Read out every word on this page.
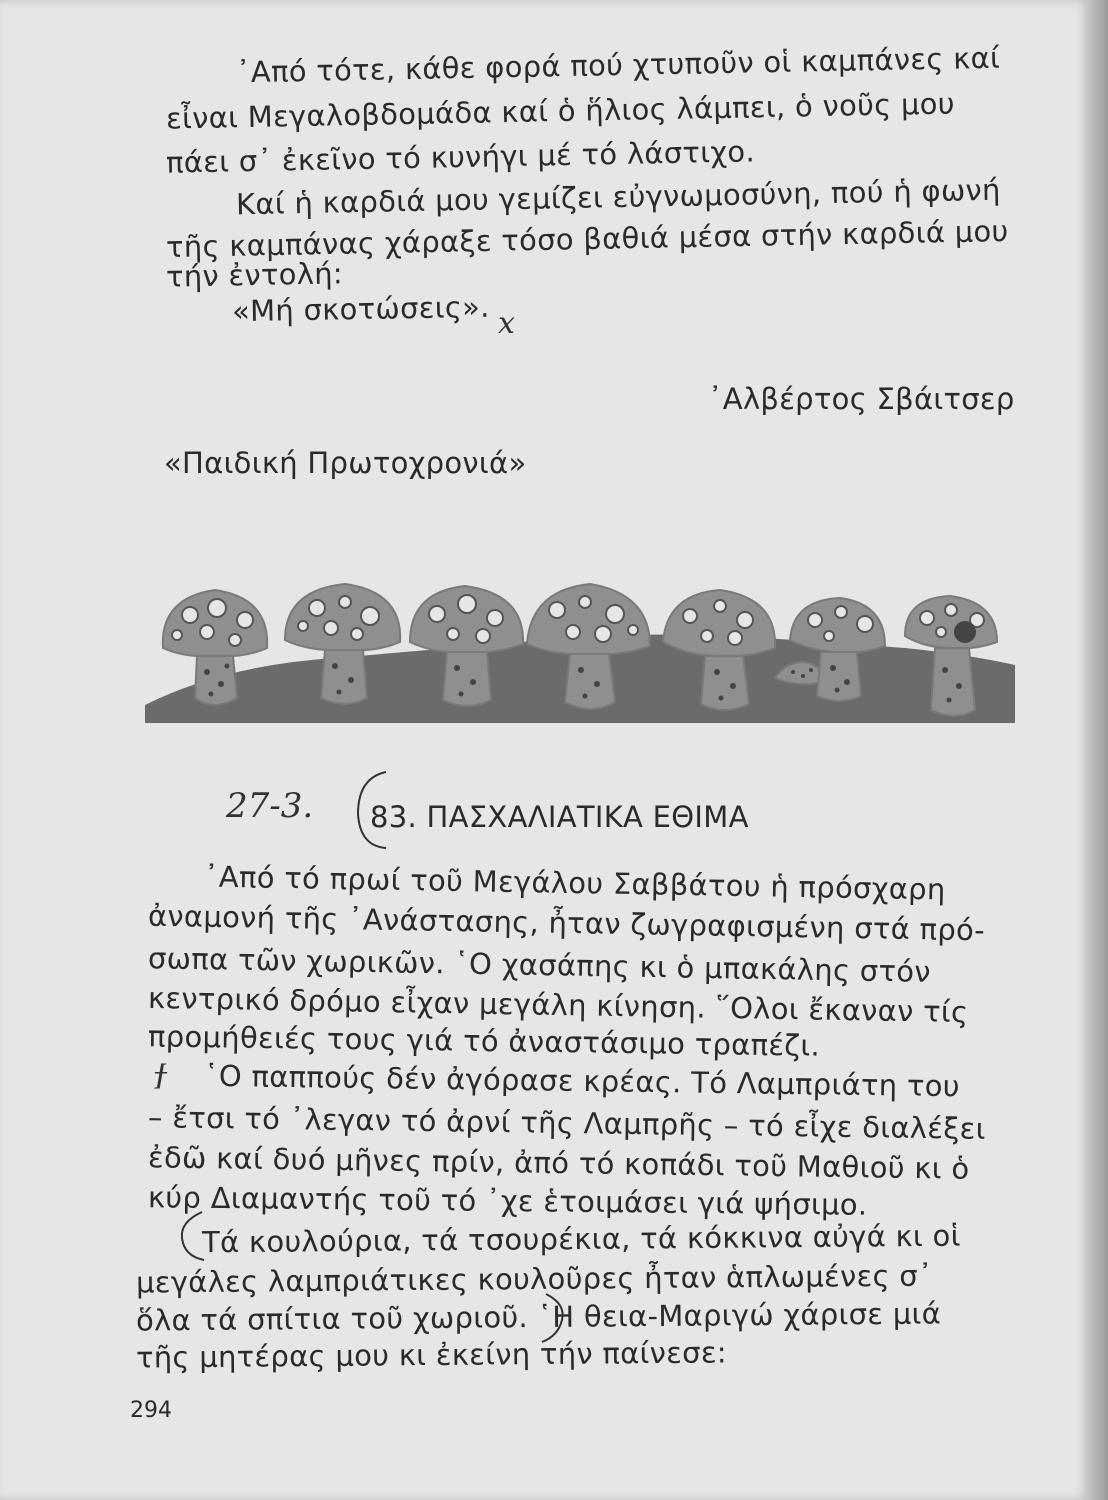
᾿Από τότε, κάθε φορά πού χτυποῦν οἱ καμπάνες καί
εἶναι Μεγαλοβδομάδα καί ὁ ἥλιος λάμπει, ὁ νοῦς μου
πάει σ᾿ ἐκεῖνο τό κυνήγι μέ τό λάστιχο.
Καί ἡ καρδιά μου γεμίζει εὐγνωμοσύνη, πού ἡ φωνή
τῆς καμπάνας χάραξε τόσο βαθιά μέσα στήν καρδιά μου
τήν ἐντολή:
«Μή σκοτώσεις». x
᾿Αλβέρτος Σβάιτσερ
«Παιδική Πρωτοχρονιά»
27-3. 83. ΠΑΣΧΑΛΙΑΤΙΚΑ ΕΘΙΜΑ
᾿Από τό πρωί τοῦ Μεγάλου Σαββάτου ἡ πρόσχαρη
ἀναμονή τῆς ᾿Ανάστασης, ἦταν ζωγραφισμένη στά πρό-
σωπα τῶν χωρικῶν. ῾Ο χασάπης κι ὁ μπακάλης στόν
κεντρικό δρόμο εἶχαν μεγάλη κίνηση. ῞Ολοι ἔκαναν τίς
προμήθειές τους γιά τό ἀναστάσιμο τραπέζι.
ϯ ῾Ο παππούς δέν ἀγόρασε κρέας. Τό Λαμπριάτη του
– ἔτσι τό ᾿λεγαν τό ἀρνί τῆς Λαμπρῆς – τό εἶχε διαλέξει
ἐδῶ καί δυό μῆνες πρίν, ἀπό τό κοπάδι τοῦ Μαθιοῦ κι ὁ
κύρ Διαμαντής τοῦ τό ᾿χε ἑτοιμάσει γιά ψήσιμο.
Τά κουλούρια, τά τσουρέκια, τά κόκκινα αὐγά κι οἱ
μεγάλες λαμπριάτικες κουλοῦρες ἦταν ἁπλωμένες σ᾿
ὅλα τά σπίτια τοῦ χωριοῦ. ῾Η θεια-Μαριγώ χάρισε μιά
τῆς μητέρας μου κι ἐκείνη τήν παίνεσε:
294
